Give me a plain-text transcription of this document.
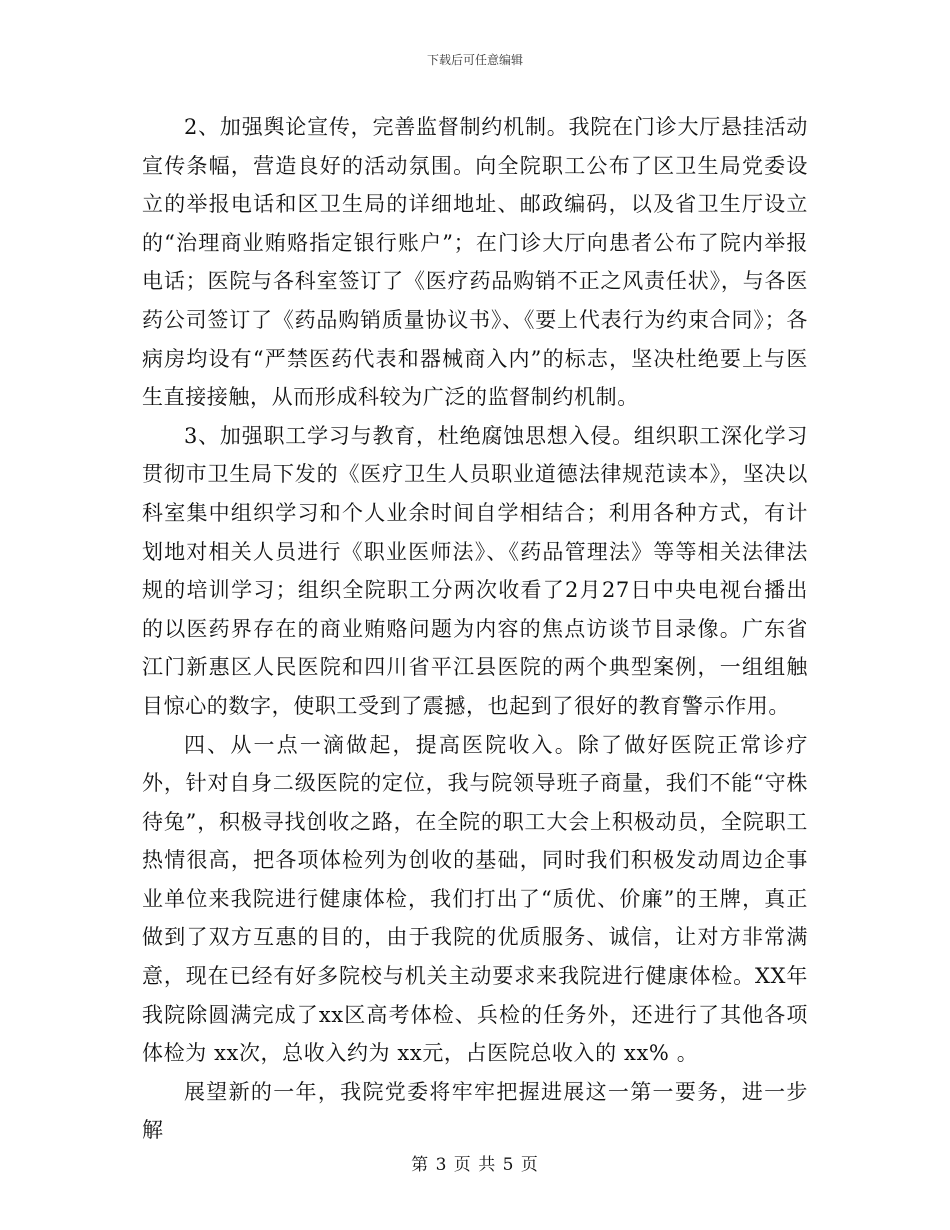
下载后可任意编辑

2、加强舆论宣传，完善监督制约机制。我院在门诊大厅悬挂活动宣传条幅，营造良好的活动氛围。向全院职工公布了区卫生局党委设立的举报电话和区卫生局的详细地址、邮政编码，以及省卫生厅设立的“治理商业贿赂指定银行账户”；在门诊大厅向患者公布了院内举报电话；医院与各科室签订了《医疗药品购销不正之风责任状》，与各医药公司签订了《药品购销质量协议书》、《要上代表行为约束合同》；各病房均设有“严禁医药代表和器械商入内”的标志，坚决杜绝要上与医生直接接触，从而形成科较为广泛的监督制约机制。

3、加强职工学习与教育，杜绝腐蚀思想入侵。组织职工深化学习贯彻市卫生局下发的《医疗卫生人员职业道德法律规范读本》，坚决以科室集中组织学习和个人业余时间自学相结合；利用各种方式，有计划地对相关人员进行《职业医师法》、《药品管理法》等等相关法律法规的培训学习；组织全院职工分两次收看了2月27日中央电视台播出的以医药界存在的商业贿赂问题为内容的焦点访谈节目录像。广东省江门新惠区人民医院和四川省平江县医院的两个典型案例，一组组触目惊心的数字，使职工受到了震撼，也起到了很好的教育警示作用。

四、从一点一滴做起，提高医院收入。除了做好医院正常诊疗外，针对自身二级医院的定位，我与院领导班子商量，我们不能“守株待兔”，积极寻找创收之路，在全院的职工大会上积极动员，全院职工热情很高，把各项体检列为创收的基础，同时我们积极发动周边企事业单位来我院进行健康体检，我们打出了“质优、价廉”的王牌，真正做到了双方互惠的目的，由于我院的优质服务、诚信，让对方非常满意，现在已经有好多院校与机关主动要求来我院进行健康体检。XX年我院除圆满完成了xx区高考体检、兵检的任务外，还进行了其他各项体检为 xx次，总收入约为 xx元，占医院总收入的 xx% 。

展望新的一年，我院党委将牢牢把握进展这一第一要务，进一步解

第 3 页 共 5 页
